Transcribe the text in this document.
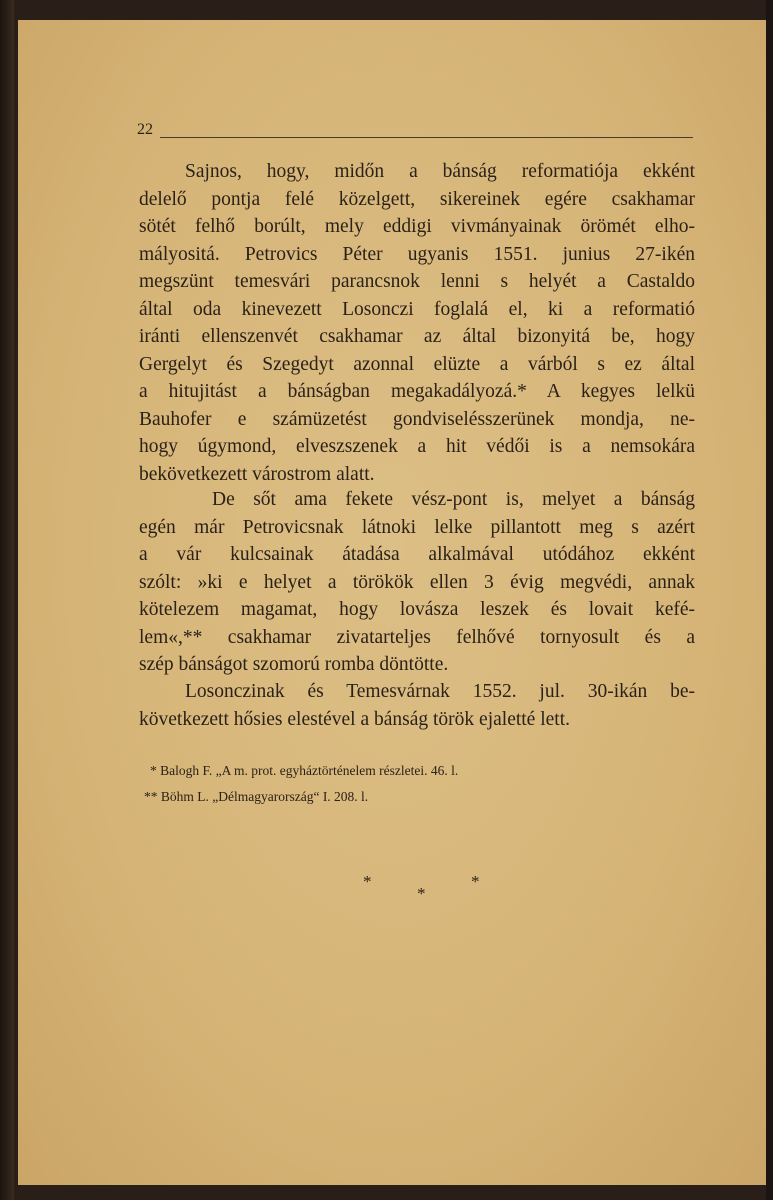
22
Sajnos, hogy, midőn a bánság reformatiója ekként
delelő pontja felé közelgett, sikereinek egére csakhamar
sötét felhő borúlt, mely eddigi vivmányainak örömét elho-
mályositá. Petrovics Péter ugyanis 1551. junius 27-ikén
megszünt temesvári parancsnok lenni s helyét a Castaldo
által oda kinevezett Losonczi foglalá el, ki a reformatió
iránti ellenszenvét csakhamar az által bizonyitá be, hogy
Gergelyt és Szegedyt azonnal elüzte a várból s ez által
a hitujitást a bánságban megakadályozá.* A kegyes lelkü
Bauhofer e számüzetést gondviselésszerünek mondja, ne-
hogy úgymond, elveszszenek a hit védői is a nemsokára
bekövetkezett várostrom alatt.
De sőt ama fekete vész-pont is, melyet a bánság
egén már Petrovicsnak látnoki lelke pillantott meg s azért
a vár kulcsainak átadása alkalmával utódához ekként
szólt: »ki e helyet a törökök ellen 3 évig megvédi, annak
kötelezem magamat, hogy lovásza leszek és lovait kefé-
lem«,** csakhamar zivatarteljes felhővé tornyosult és a
szép bánságot szomorú romba döntötte.
Losonczinak és Temesvárnak 1552. jul. 30-ikán be-
következett hősies elestével a bánság török ejaletté lett.
* Balogh F. „A m. prot. egyháztörténelem részletei. 46. l.
** Böhm L. „Délmagyarország“ I. 208. l.
*
*
*
